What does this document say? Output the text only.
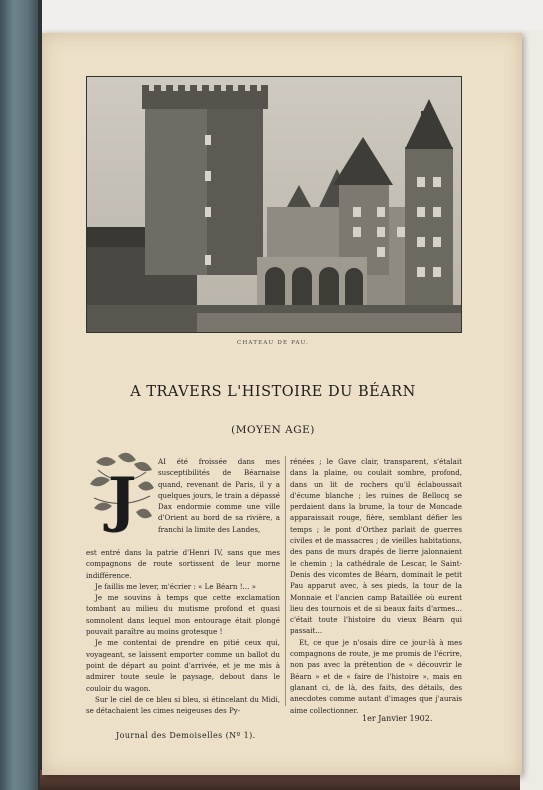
CHATEAU DE PAU.
A TRAVERS L'HISTOIRE DU BÉARN
(MOYEN AGE)
J

AI été froissée dans mes susceptibilités de Béarnaise quand, revenant de Paris, il y a quelques jours, le train a dépassé Dax endormie comme une ville d'Orient au bord de sa rivière, a franchi la limite des Landes,

est entré dans la patrie d'Henri IV, sans que mes compagnons de route sortissent de leur morne indifférence.

Je faillis me lever, m'écrier : « Le Béarn !... »

Je me souvins à temps que cette exclamation tombant au milieu du mutisme profond et quasi somnolent dans lequel mon entourage était plongé pouvait paraître au moins grotesque !

Je me contentai de prendre en pitié ceux qui, voyageant, se laissent emporter comme un ballot du point de départ au point d'arrivée, et je me mis à admirer toute seule le paysage, debout dans le couloir du wagon.

Sur le ciel de ce bleu si bleu, si étincelant du Midi, se détachaient les cimes neigeuses des Py-

rénées ; le Gave clair, transparent, s'étalait dans la plaine, ou coulait sombre, profond, dans un lit de rochers qu'il éclaboussait d'écume blanche ; les ruines de Bellocq se perdaient dans la brume, la tour de Moncade apparaissait rouge, fière, semblant défier les temps ; le pont d'Orthez parlait de guerres civiles et de massacres ; de vieilles habitations, des pans de murs drapés de lierre jalonnaient le chemin ; la cathédrale de Lescar, le Saint-Denis des vicomtes de Béarn, dominait le petit Pau apparut avec, à ses pieds, la tour de la Monnaie et l'ancien camp Bataillée où eurent lieu des tournois et de si beaux faits d'armes... c'était toute l'histoire du vieux Béarn qui passait...

Et, ce que je n'osais dire ce jour-là à mes compagnons de route, je me promis de l'écrire, non pas avec la prétention de « découvrir le Béarn » et de « faire de l'histoire », mais en glanant ci, de là, des faits, des détails, des anecdotes comme autant d'images que j'aurais aime collectionner.

1er Janvier 1902.
Journal des Demoiselles (Nº 1).
